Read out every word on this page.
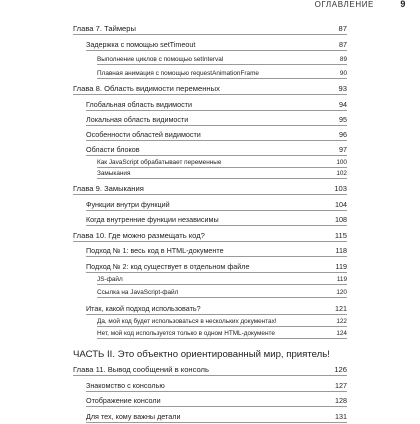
ОГЛАВЛЕНИЕ	9
Глава 7. Таймеры	87
Задержка с помощью setTimeout	87
Выполнение циклов с помощью setInterval	89
Плавная анимация с помощью requestAnimationFrame	90
Глава 8. Область видимости переменных	93
Глобальная область видимости	94
Локальная область видимости	95
Особенности областей видимости	96
Области блоков	97
Как JavaScript обрабатывает переменные	100
Замыкания	102
Глава 9. Замыкания	103
Функции внутри функций	104
Когда внутренние функции независимы	108
Глава 10. Где можно размещать код?	115
Подход № 1: весь код в HTML-документе	118
Подход № 2: код существует в отдельном файле	119
JS-файл	119
Ссылка на JavaScript-файл	120
Итак, какой подход использовать?	121
Да, мой код будет использоваться в нескольких документах!	122
Нет, мой код используется только в одном HTML-документе	124
ЧАСТЬ II. Это объектно ориентированный мир, приятель!
Глава 11. Вывод сообщений в консоль	126
Знакомство с консолью	127
Отображение консоли	128
Для тех, кому важны детали	131
